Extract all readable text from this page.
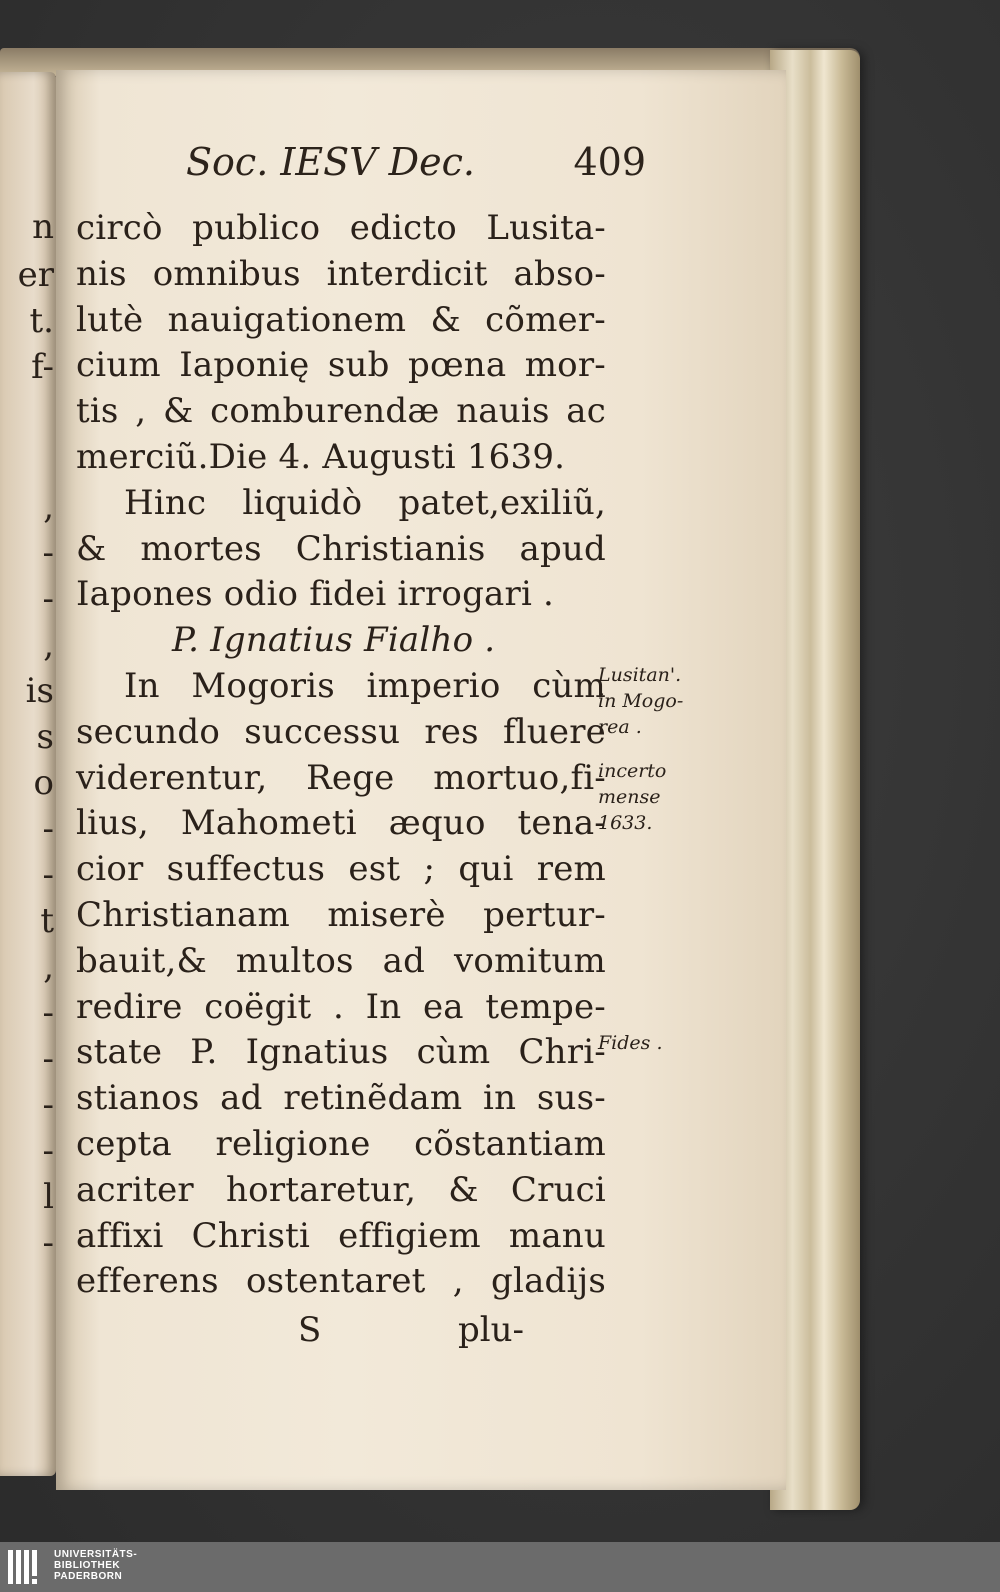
n
er
t.
f-
,
-
-
,
is
s
o
-
-
t
,
-
-
-
-
l
-
Soc. IESV Dec.	409
circò publico edicto Lusita-
nis omnibus interdicit abso-
lutè nauigationem & cõmer-
cium Iaponię sub pœna mor-
tis , & comburendæ nauis ac
merciũ.Die 4. Augusti 1639.
Hinc liquidò patet,exiliũ,
& mortes Christianis apud
Iapones odio fidei irrogari .
P. Ignatius Fialho .
In Mogoris imperio cùm
secundo successu res fluere
viderentur, Rege mortuo,fi-
lius, Mahometi æquo tena-
cior suffectus est ; qui rem
Christianam miserè pertur-
bauit,& multos ad vomitum
redire coëgit . In ea tempe-
state P. Ignatius cùm Chri-
stianos ad retinẽdam in sus-
cepta religione cõstantiam
acriter hortaretur, & Cruci
affixi Christi effigiem manu
efferens ostentaret , gladijs
S	plu-
Lusitan'.
in Mogo-
rea .
incerto
mense
1633.
Fides .
UNIVERSITÄTS-
BIBLIOTHEK
PADERBORN
